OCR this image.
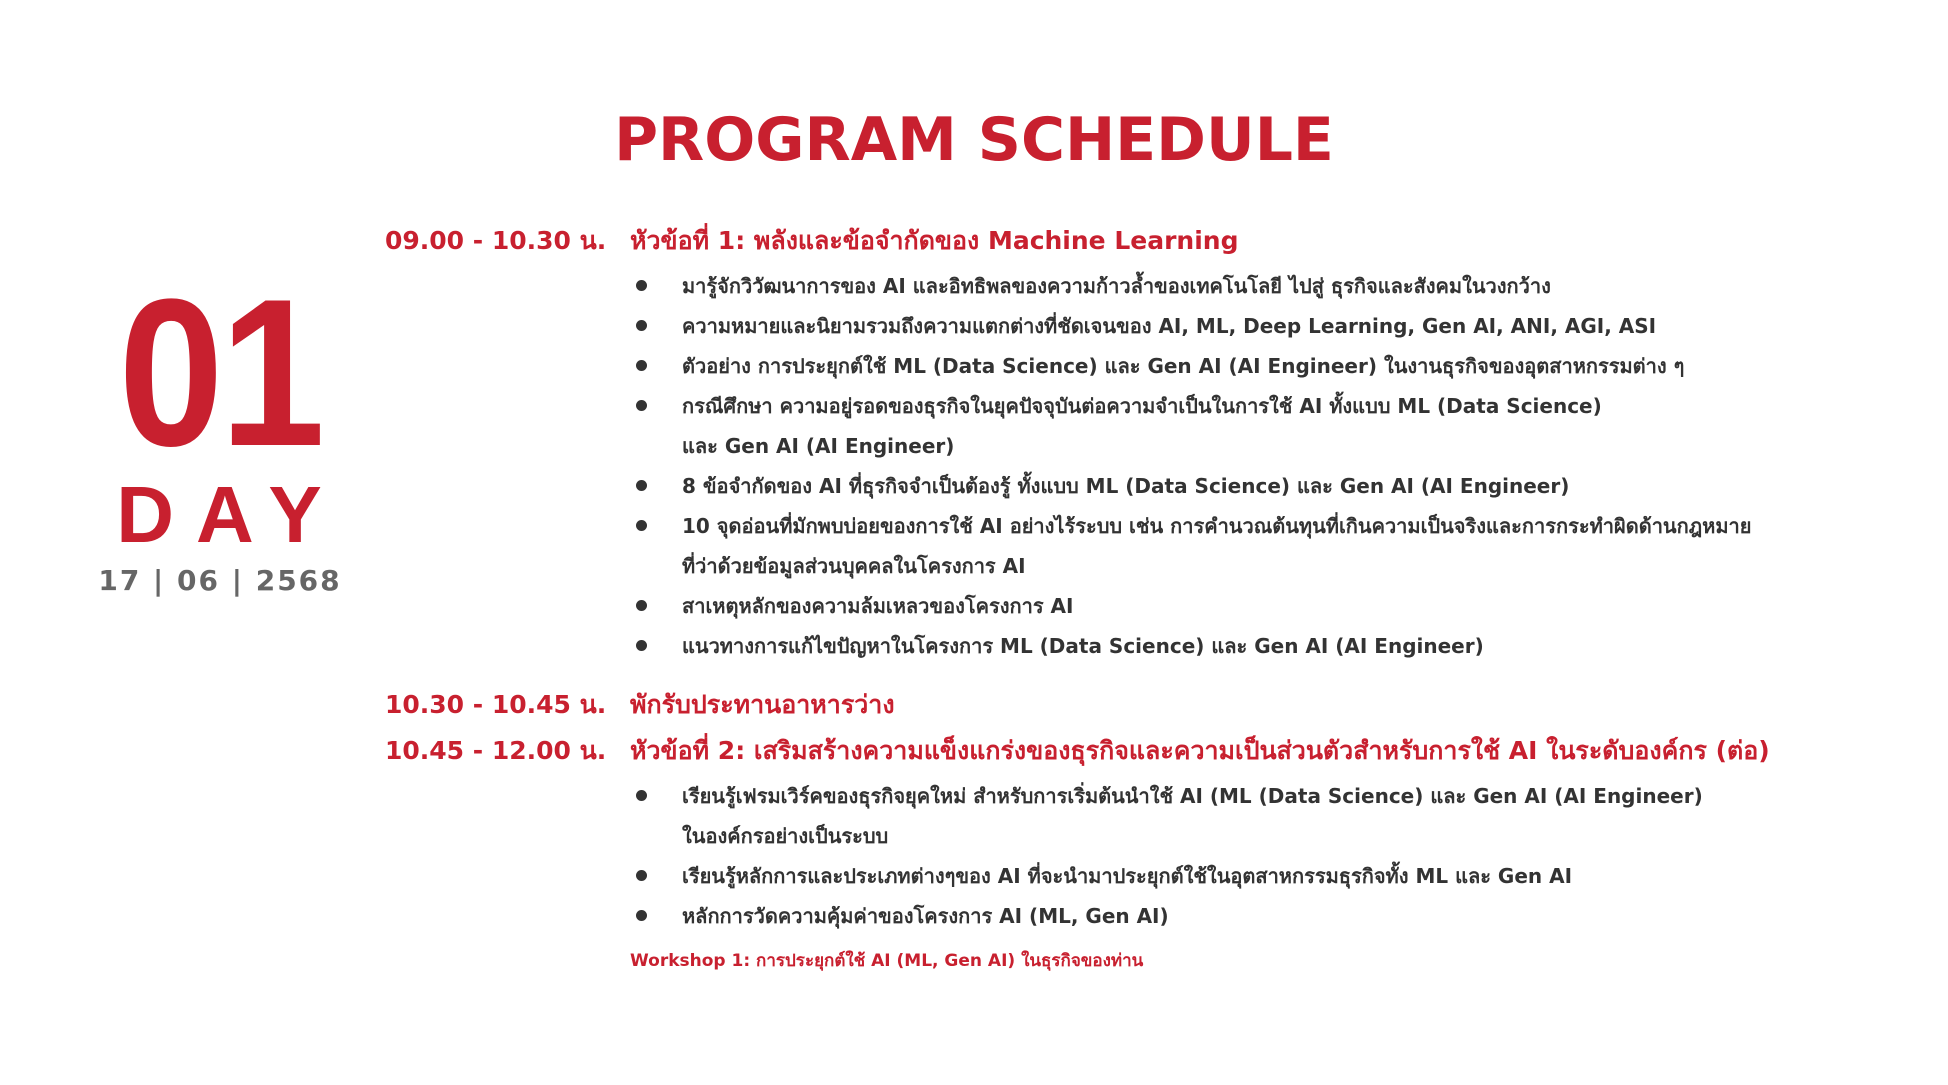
PROGRAM SCHEDULE
01
DAY
17 | 06 | 2568
09.00 - 10.30 น. หัวข้อที่ 1: พลังและข้อจำกัดของ Machine Learning
มารู้จักวิวัฒนาการของ AI และอิทธิพลของความก้าวล้ำของเทคโนโลยี ไปสู่ ธุรกิจและสังคมในวงกว้าง
ความหมายและนิยามรวมถึงความแตกต่างที่ชัดเจนของ AI, ML, Deep Learning, Gen AI, ANI, AGI, ASI
ตัวอย่าง การประยุกต์ใช้ ML (Data Science) และ Gen AI (AI Engineer) ในงานธุรกิจของอุตสาหกรรมต่าง ๆ
กรณีศึกษา ความอยู่รอดของธุรกิจในยุคปัจจุบันต่อความจำเป็นในการใช้ AI ทั้งแบบ ML (Data Science)
และ Gen AI (AI Engineer)
8 ข้อจำกัดของ AI ที่ธุรกิจจำเป็นต้องรู้ ทั้งแบบ ML (Data Science) และ Gen AI (AI Engineer)
10 จุดอ่อนที่มักพบบ่อยของการใช้ AI อย่างไร้ระบบ เช่น การคำนวณต้นทุนที่เกินความเป็นจริงและการกระทำผิดด้านกฎหมาย
ที่ว่าด้วยข้อมูลส่วนบุคคลในโครงการ AI
สาเหตุหลักของความล้มเหลวของโครงการ AI
แนวทางการแก้ไขปัญหาในโครงการ ML (Data Science) และ Gen AI (AI Engineer)
10.30 - 10.45 น. พักรับประทานอาหารว่าง
10.45 - 12.00 น. หัวข้อที่ 2: เสริมสร้างความแข็งแกร่งของธุรกิจและความเป็นส่วนตัวสำหรับการใช้ AI ในระดับองค์กร (ต่อ)
เรียนรู้เฟรมเวิร์คของธุรกิจยุคใหม่ สำหรับการเริ่มต้นนำใช้ AI (ML (Data Science) และ Gen AI (AI Engineer)
ในองค์กรอย่างเป็นระบบ
เรียนรู้หลักการและประเภทต่างๆของ AI ที่จะนำมาประยุกต์ใช้ในอุตสาหกรรมธุรกิจทั้ง ML และ Gen AI
หลักการวัดความคุ้มค่าของโครงการ AI (ML, Gen AI)
Workshop 1: การประยุกต์ใช้ AI (ML, Gen AI) ในธุรกิจของท่าน
